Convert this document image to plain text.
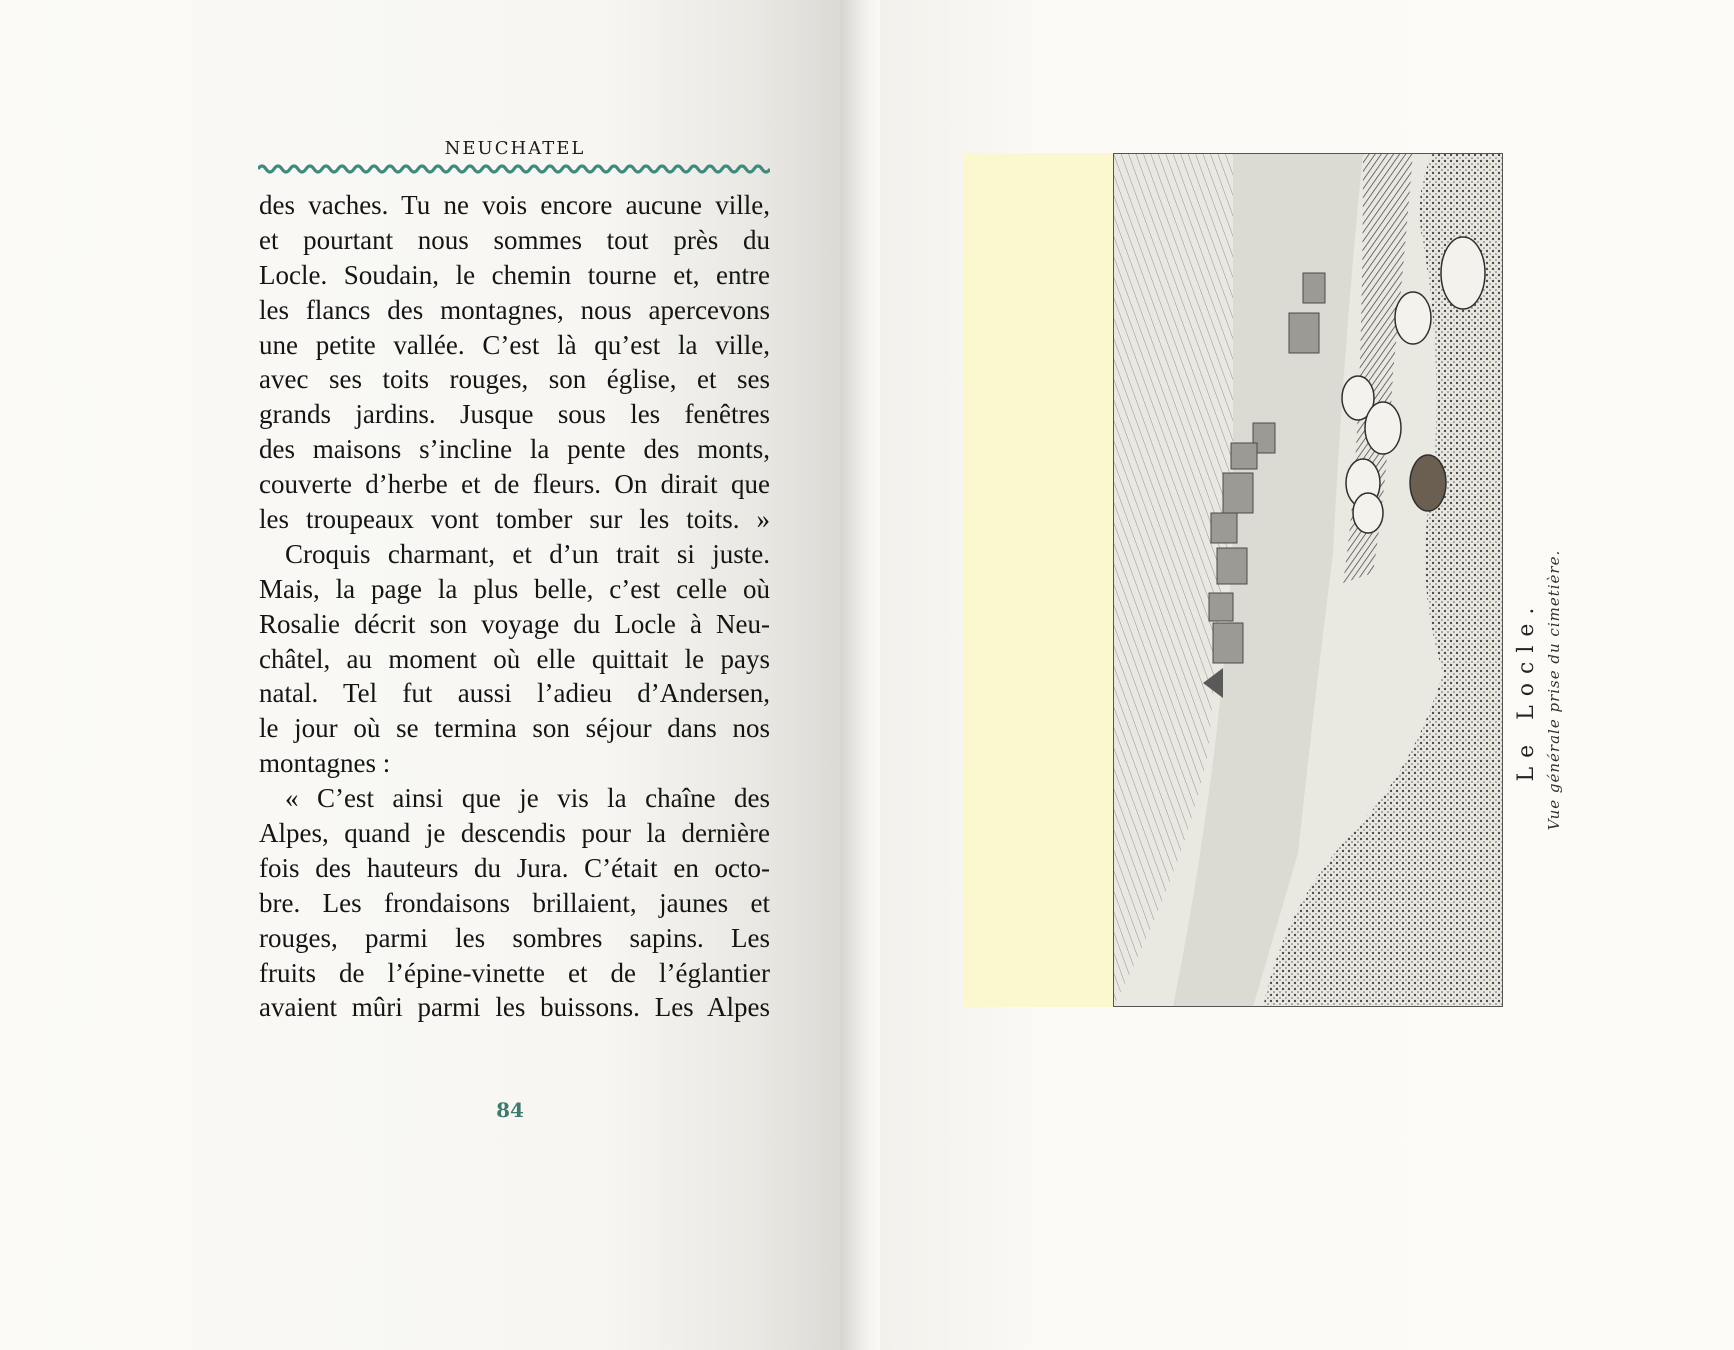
NEUCHATEL
des vaches. Tu ne vois encore aucune ville,
et pourtant nous sommes tout près du
Locle. Soudain, le chemin tourne et, entre
les flancs des montagnes, nous apercevons
une petite vallée. C’est là qu’est la ville,
avec ses toits rouges, son église, et ses
grands jardins. Jusque sous les fenêtres
des maisons s’incline la pente des monts,
couverte d’herbe et de fleurs. On dirait que
les troupeaux vont tomber sur les toits. »
Croquis charmant, et d’un trait si juste.
Mais, la page la plus belle, c’est celle où
Rosalie décrit son voyage du Locle à Neu-
châtel, au moment où elle quittait le pays
natal. Tel fut aussi l’adieu d’Andersen,
le jour où se termina son séjour dans nos
montagnes :
« C’est ainsi que je vis la chaîne des
Alpes, quand je descendis pour la dernière
fois des hauteurs du Jura. C’était en octo-
bre. Les frondaisons brillaient, jaunes et
rouges, parmi les sombres sapins. Les
fruits de l’épine-vinette et de l’églantier
avaient mûri parmi les buissons. Les Alpes
84
Le Locle. Vue générale prise du cimetière.
